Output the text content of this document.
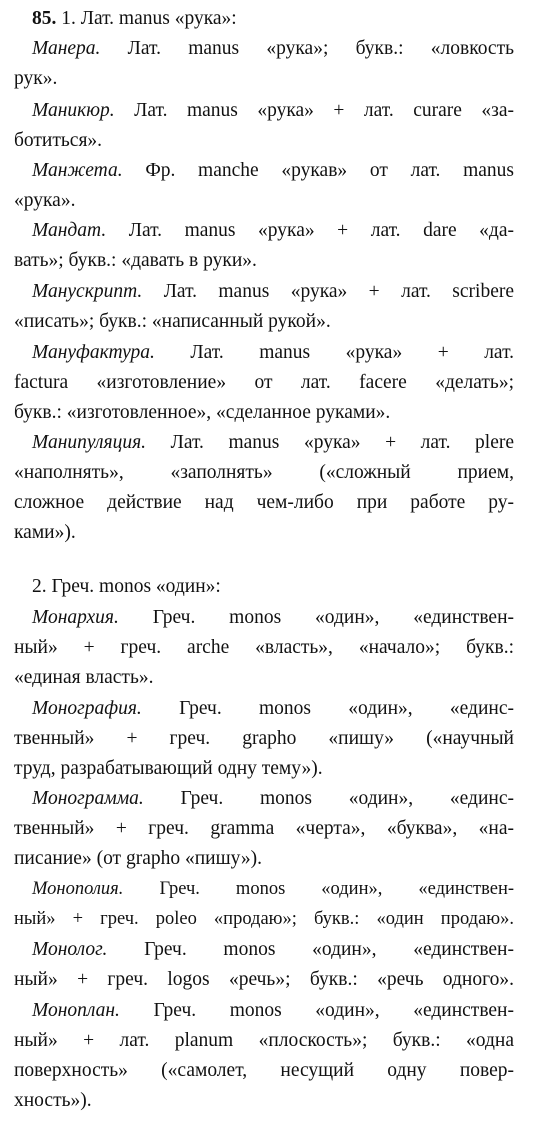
85. 1. Лат. manus «рука»:

Манера. Лат. manus «рука»; букв.: «ловкость
рук».
Маникюр. Лат. manus «рука» + лат. curare «за-
ботиться».
Манжета. Фр. manche «рукав» от лат. manus
«рука».
Мандат. Лат. manus «рука» + лат. dare «да-
вать»; букв.: «давать в руки».
Манускрипт. Лат. manus «рука» + лат. scribere
«писать»; букв.: «написанный рукой».
Мануфактура. Лат. manus «рука» + лат.
factura «изготовление» от лат. facere «делать»;
букв.: «изготовленное», «сделанное руками».
Манипуляция. Лат. manus «рука» + лат. plere
«наполнять», «заполнять» («сложный прием,
сложное действие над чем-либо при работе ру-
ками»).

2. Греч. monos «один»:

Монархия. Греч. monos «один», «единствен-
ный» + греч. arche «власть», «начало»; букв.:
«единая власть».
Монография. Греч. monos «один», «единс-
твенный» + греч. grapho «пишу» («научный
труд, разрабатывающий одну тему»).
Монограмма. Греч. monos «один», «единс-
твенный» + греч. gramma «черта», «буква», «на-
писание» (от grapho «пишу»).
Монополия. Греч. monos «один», «единствен-
ный» + греч. poleo «продаю»; букв.: «один продаю».
Монолог. Греч. monos «один», «единствен-
ный» + греч. logos «речь»; букв.: «речь одного».
Моноплан. Греч. monos «один», «единствен-
ный» + лат. planum «плоскость»; букв.: «одна
поверхность» («самолет, несущий одну повер-
хность»).
